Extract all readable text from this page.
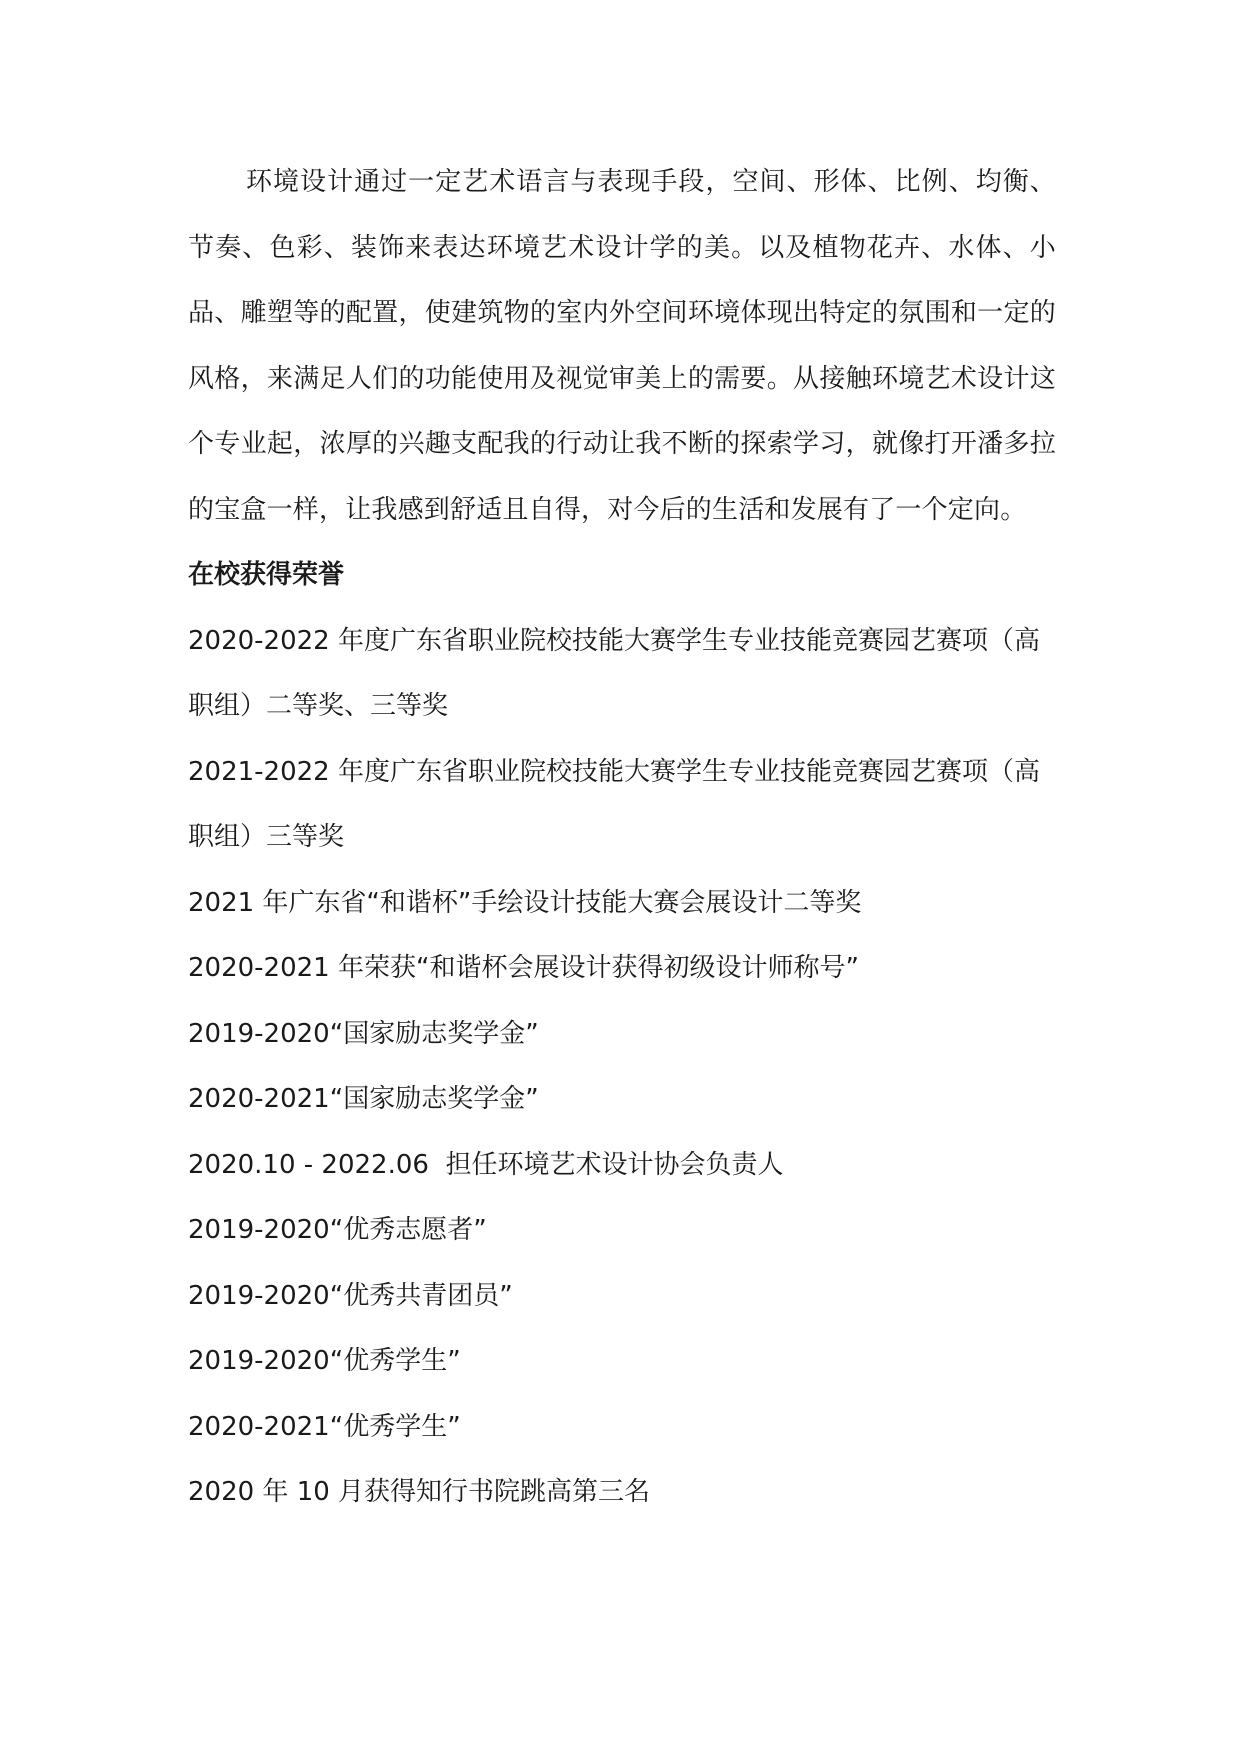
环境设计通过一定艺术语言与表现手段，空间、形体、比例、均衡、节奏、色彩、装饰来表达环境艺术设计学的美。以及植物花卉、水体、小品、雕塑等的配置，使建筑物的室内外空间环境体现出特定的氛围和一定的风格，来满足人们的功能使用及视觉审美上的需要。从接触环境艺术设计这个专业起，浓厚的兴趣支配我的行动让我不断的探索学习，就像打开潘多拉的宝盒一样，让我感到舒适且自得，对今后的生活和发展有了一个定向。

在校获得荣誉
2020-2022 年度广东省职业院校技能大赛学生专业技能竞赛园艺赛项（高职组）二等奖、三等奖
2021-2022 年度广东省职业院校技能大赛学生专业技能竞赛园艺赛项（高职组）三等奖
2021 年广东省“和谐杯”手绘设计技能大赛会展设计二等奖
2020-2021 年荣获“和谐杯会展设计获得初级设计师称号”
2019-2020“国家励志奖学金”
2020-2021“国家励志奖学金”
2020.10 - 2022.06  担任环境艺术设计协会负责人
2019-2020“优秀志愿者”
2019-2020“优秀共青团员”
2019-2020“优秀学生”
2020-2021“优秀学生”
2020 年 10 月获得知行书院跳高第三名
